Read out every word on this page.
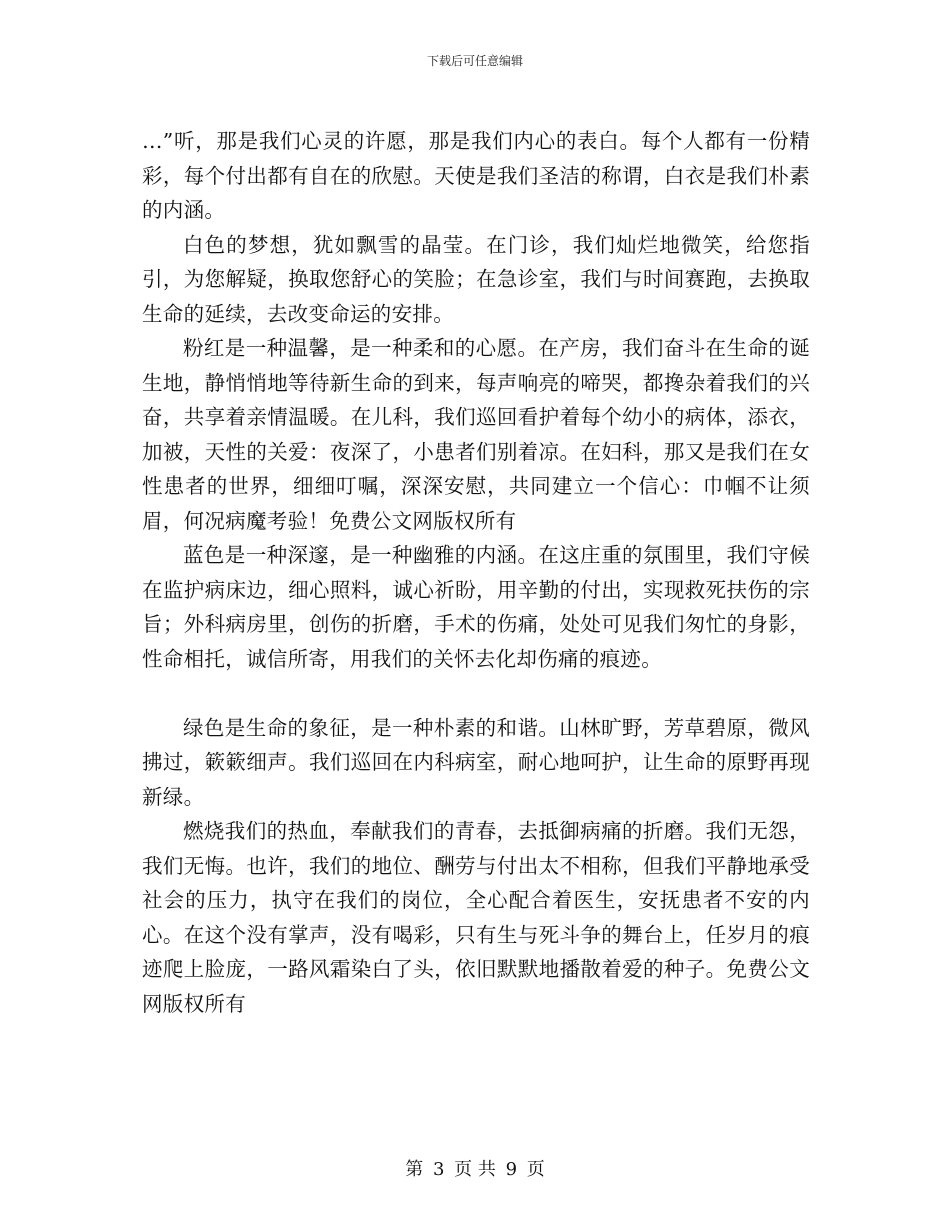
下载后可任意编辑

…”听，那是我们心灵的许愿，那是我们内心的表白。每个人都有一份精彩，每个付出都有自在的欣慰。天使是我们圣洁的称谓，白衣是我们朴素的内涵。

白色的梦想，犹如飘雪的晶莹。在门诊，我们灿烂地微笑，给您指引，为您解疑，换取您舒心的笑脸；在急诊室，我们与时间赛跑，去换取生命的延续，去改变命运的安排。

粉红是一种温馨，是一种柔和的心愿。在产房，我们奋斗在生命的诞生地，静悄悄地等待新生命的到来，每声响亮的啼哭，都搀杂着我们的兴奋，共享着亲情温暖。在儿科，我们巡回看护着每个幼小的病体，添衣，加被，天性的关爱：夜深了，小患者们别着凉。在妇科，那又是我们在女性患者的世界，细细叮嘱，深深安慰，共同建立一个信心：巾帼不让须眉，何况病魔考验！免费公文网版权所有

蓝色是一种深邃，是一种幽雅的内涵。在这庄重的氛围里，我们守候在监护病床边，细心照料，诚心祈盼，用辛勤的付出，实现救死扶伤的宗旨；外科病房里，创伤的折磨，手术的伤痛，处处可见我们匆忙的身影，性命相托，诚信所寄，用我们的关怀去化却伤痛的痕迹。

绿色是生命的象征，是一种朴素的和谐。山林旷野，芳草碧原，微风拂过，簌簌细声。我们巡回在内科病室，耐心地呵护，让生命的原野再现新绿。

燃烧我们的热血，奉献我们的青春，去抵御病痛的折磨。我们无怨，我们无悔。也许，我们的地位、酬劳与付出太不相称，但我们平静地承受社会的压力，执守在我们的岗位，全心配合着医生，安抚患者不安的内心。在这个没有掌声，没有喝彩，只有生与死斗争的舞台上，任岁月的痕迹爬上脸庞，一路风霜染白了头，依旧默默地播散着爱的种子。免费公文网版权所有

第 3 页 共 9 页
